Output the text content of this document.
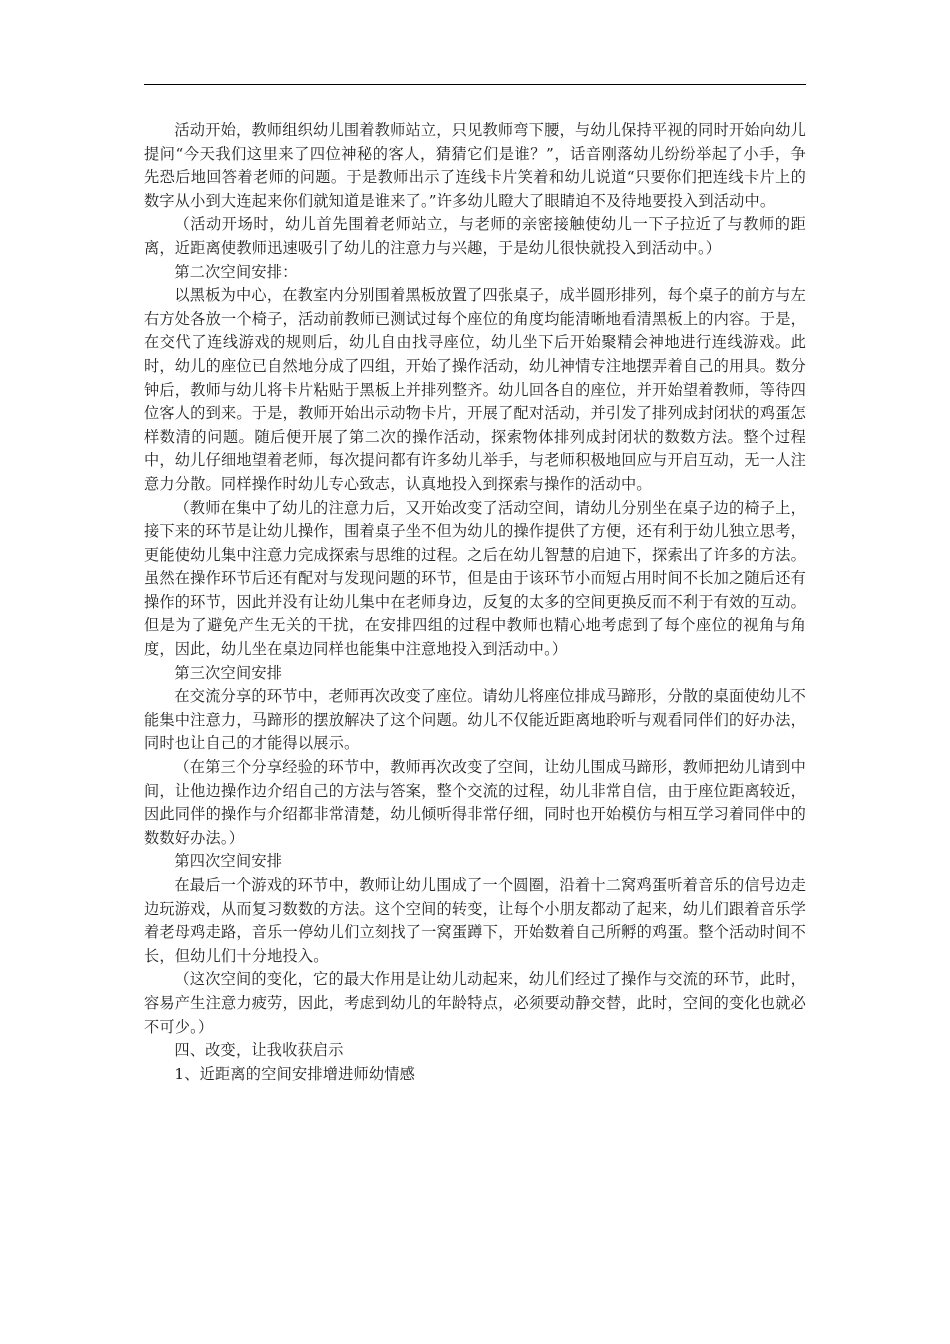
活动开始，教师组织幼儿围着教师站立，只见教师弯下腰，与幼儿保持平视的同时开始向幼儿提问“今天我们这里来了四位神秘的客人，猜猜它们是谁？”，话音刚落幼儿纷纷举起了小手，争先恐后地回答着老师的问题。于是教师出示了连线卡片笑着和幼儿说道“只要你们把连线卡片上的数字从小到大连起来你们就知道是谁来了。”许多幼儿瞪大了眼睛迫不及待地要投入到活动中。

（活动开场时，幼儿首先围着老师站立，与老师的亲密接触使幼儿一下子拉近了与教师的距离，近距离使教师迅速吸引了幼儿的注意力与兴趣，于是幼儿很快就投入到活动中。）

第二次空间安排：

以黑板为中心，在教室内分别围着黑板放置了四张桌子，成半圆形排列，每个桌子的前方与左右方处各放一个椅子，活动前教师已测试过每个座位的角度均能清晰地看清黑板上的内容。于是，在交代了连线游戏的规则后，幼儿自由找寻座位，幼儿坐下后开始聚精会神地进行连线游戏。此时，幼儿的座位已自然地分成了四组，开始了操作活动，幼儿神情专注地摆弄着自己的用具。数分钟后，教师与幼儿将卡片粘贴于黑板上并排列整齐。幼儿回各自的座位，并开始望着教师，等待四位客人的到来。于是，教师开始出示动物卡片，开展了配对活动，并引发了排列成封闭状的鸡蛋怎样数清的问题。随后便开展了第二次的操作活动，探索物体排列成封闭状的数数方法。整个过程中，幼儿仔细地望着老师，每次提问都有许多幼儿举手，与老师积极地回应与开启互动，无一人注意力分散。同样操作时幼儿专心致志，认真地投入到探索与操作的活动中。

（教师在集中了幼儿的注意力后，又开始改变了活动空间，请幼儿分别坐在桌子边的椅子上，接下来的环节是让幼儿操作，围着桌子坐不但为幼儿的操作提供了方便，还有利于幼儿独立思考，更能使幼儿集中注意力完成探索与思维的过程。之后在幼儿智慧的启迪下，探索出了许多的方法。虽然在操作环节后还有配对与发现问题的环节，但是由于该环节小而短占用时间不长加之随后还有操作的环节，因此并没有让幼儿集中在老师身边，反复的太多的空间更换反而不利于有效的互动。但是为了避免产生无关的干扰，在安排四组的过程中教师也精心地考虑到了每个座位的视角与角度，因此，幼儿坐在桌边同样也能集中注意地投入到活动中。）

第三次空间安排

在交流分享的环节中，老师再次改变了座位。请幼儿将座位排成马蹄形，分散的桌面使幼儿不能集中注意力，马蹄形的摆放解决了这个问题。幼儿不仅能近距离地聆听与观看同伴们的好办法，同时也让自己的才能得以展示。

（在第三个分享经验的环节中，教师再次改变了空间，让幼儿围成马蹄形，教师把幼儿请到中间，让他边操作边介绍自己的方法与答案，整个交流的过程，幼儿非常自信，由于座位距离较近，因此同伴的操作与介绍都非常清楚，幼儿倾听得非常仔细，同时也开始模仿与相互学习着同伴中的数数好办法。）

第四次空间安排

在最后一个游戏的环节中，教师让幼儿围成了一个圆圈，沿着十二窝鸡蛋听着音乐的信号边走边玩游戏，从而复习数数的方法。这个空间的转变，让每个小朋友都动了起来，幼儿们跟着音乐学着老母鸡走路，音乐一停幼儿们立刻找了一窝蛋蹲下，开始数着自己所孵的鸡蛋。整个活动时间不长，但幼儿们十分地投入。

（这次空间的变化，它的最大作用是让幼儿动起来，幼儿们经过了操作与交流的环节，此时，容易产生注意力疲劳，因此，考虑到幼儿的年龄特点，必须要动静交替，此时，空间的变化也就必不可少。）

四、改变，让我收获启示

1、近距离的空间安排增进师幼情感
